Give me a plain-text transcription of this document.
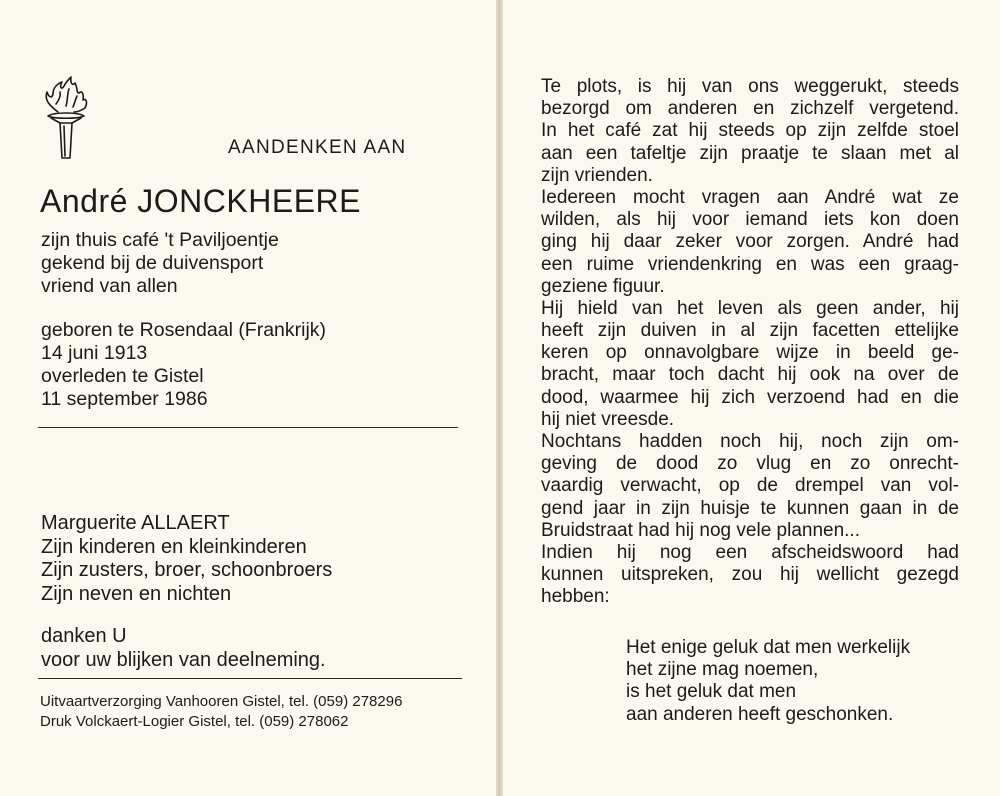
AANDENKEN AAN
André JONCKHEERE
zijn thuis café 't Paviljoentje
gekend bij de duivensport
vriend van allen
geboren te Rosendaal (Frankrijk)
14 juni 1913
overleden te Gistel
11 september 1986
Marguerite ALLAERT
Zijn kinderen en kleinkinderen
Zijn zusters, broer, schoonbroers
Zijn neven en nichten
danken U
voor uw blijken van deelneming.
Uitvaartverzorging Vanhooren Gistel, tel. (059) 278296
Druk Volckaert-Logier Gistel, tel. (059) 278062
Te plots, is hij van ons weggerukt, steeds
bezorgd om anderen en zichzelf vergetend.
In het café zat hij steeds op zijn zelfde stoel
aan een tafeltje zijn praatje te slaan met al
zijn vrienden.
Iedereen mocht vragen aan André wat ze
wilden, als hij voor iemand iets kon doen
ging hij daar zeker voor zorgen. André had
een ruime vriendenkring en was een graag-
geziene figuur.
Hij hield van het leven als geen ander, hij
heeft zijn duiven in al zijn facetten ettelijke
keren op onnavolgbare wijze in beeld ge-
bracht, maar toch dacht hij ook na over de
dood, waarmee hij zich verzoend had en die
hij niet vreesde.
Nochtans hadden noch hij, noch zijn om-
geving de dood zo vlug en zo onrecht-
vaardig verwacht, op de drempel van vol-
gend jaar in zijn huisje te kunnen gaan in de
Bruidstraat had hij nog vele plannen...
Indien hij nog een afscheidswoord had
kunnen uitspreken, zou hij wellicht gezegd
hebben:
Het enige geluk dat men werkelijk
het zijne mag noemen,
is het geluk dat men
aan anderen heeft geschonken.
